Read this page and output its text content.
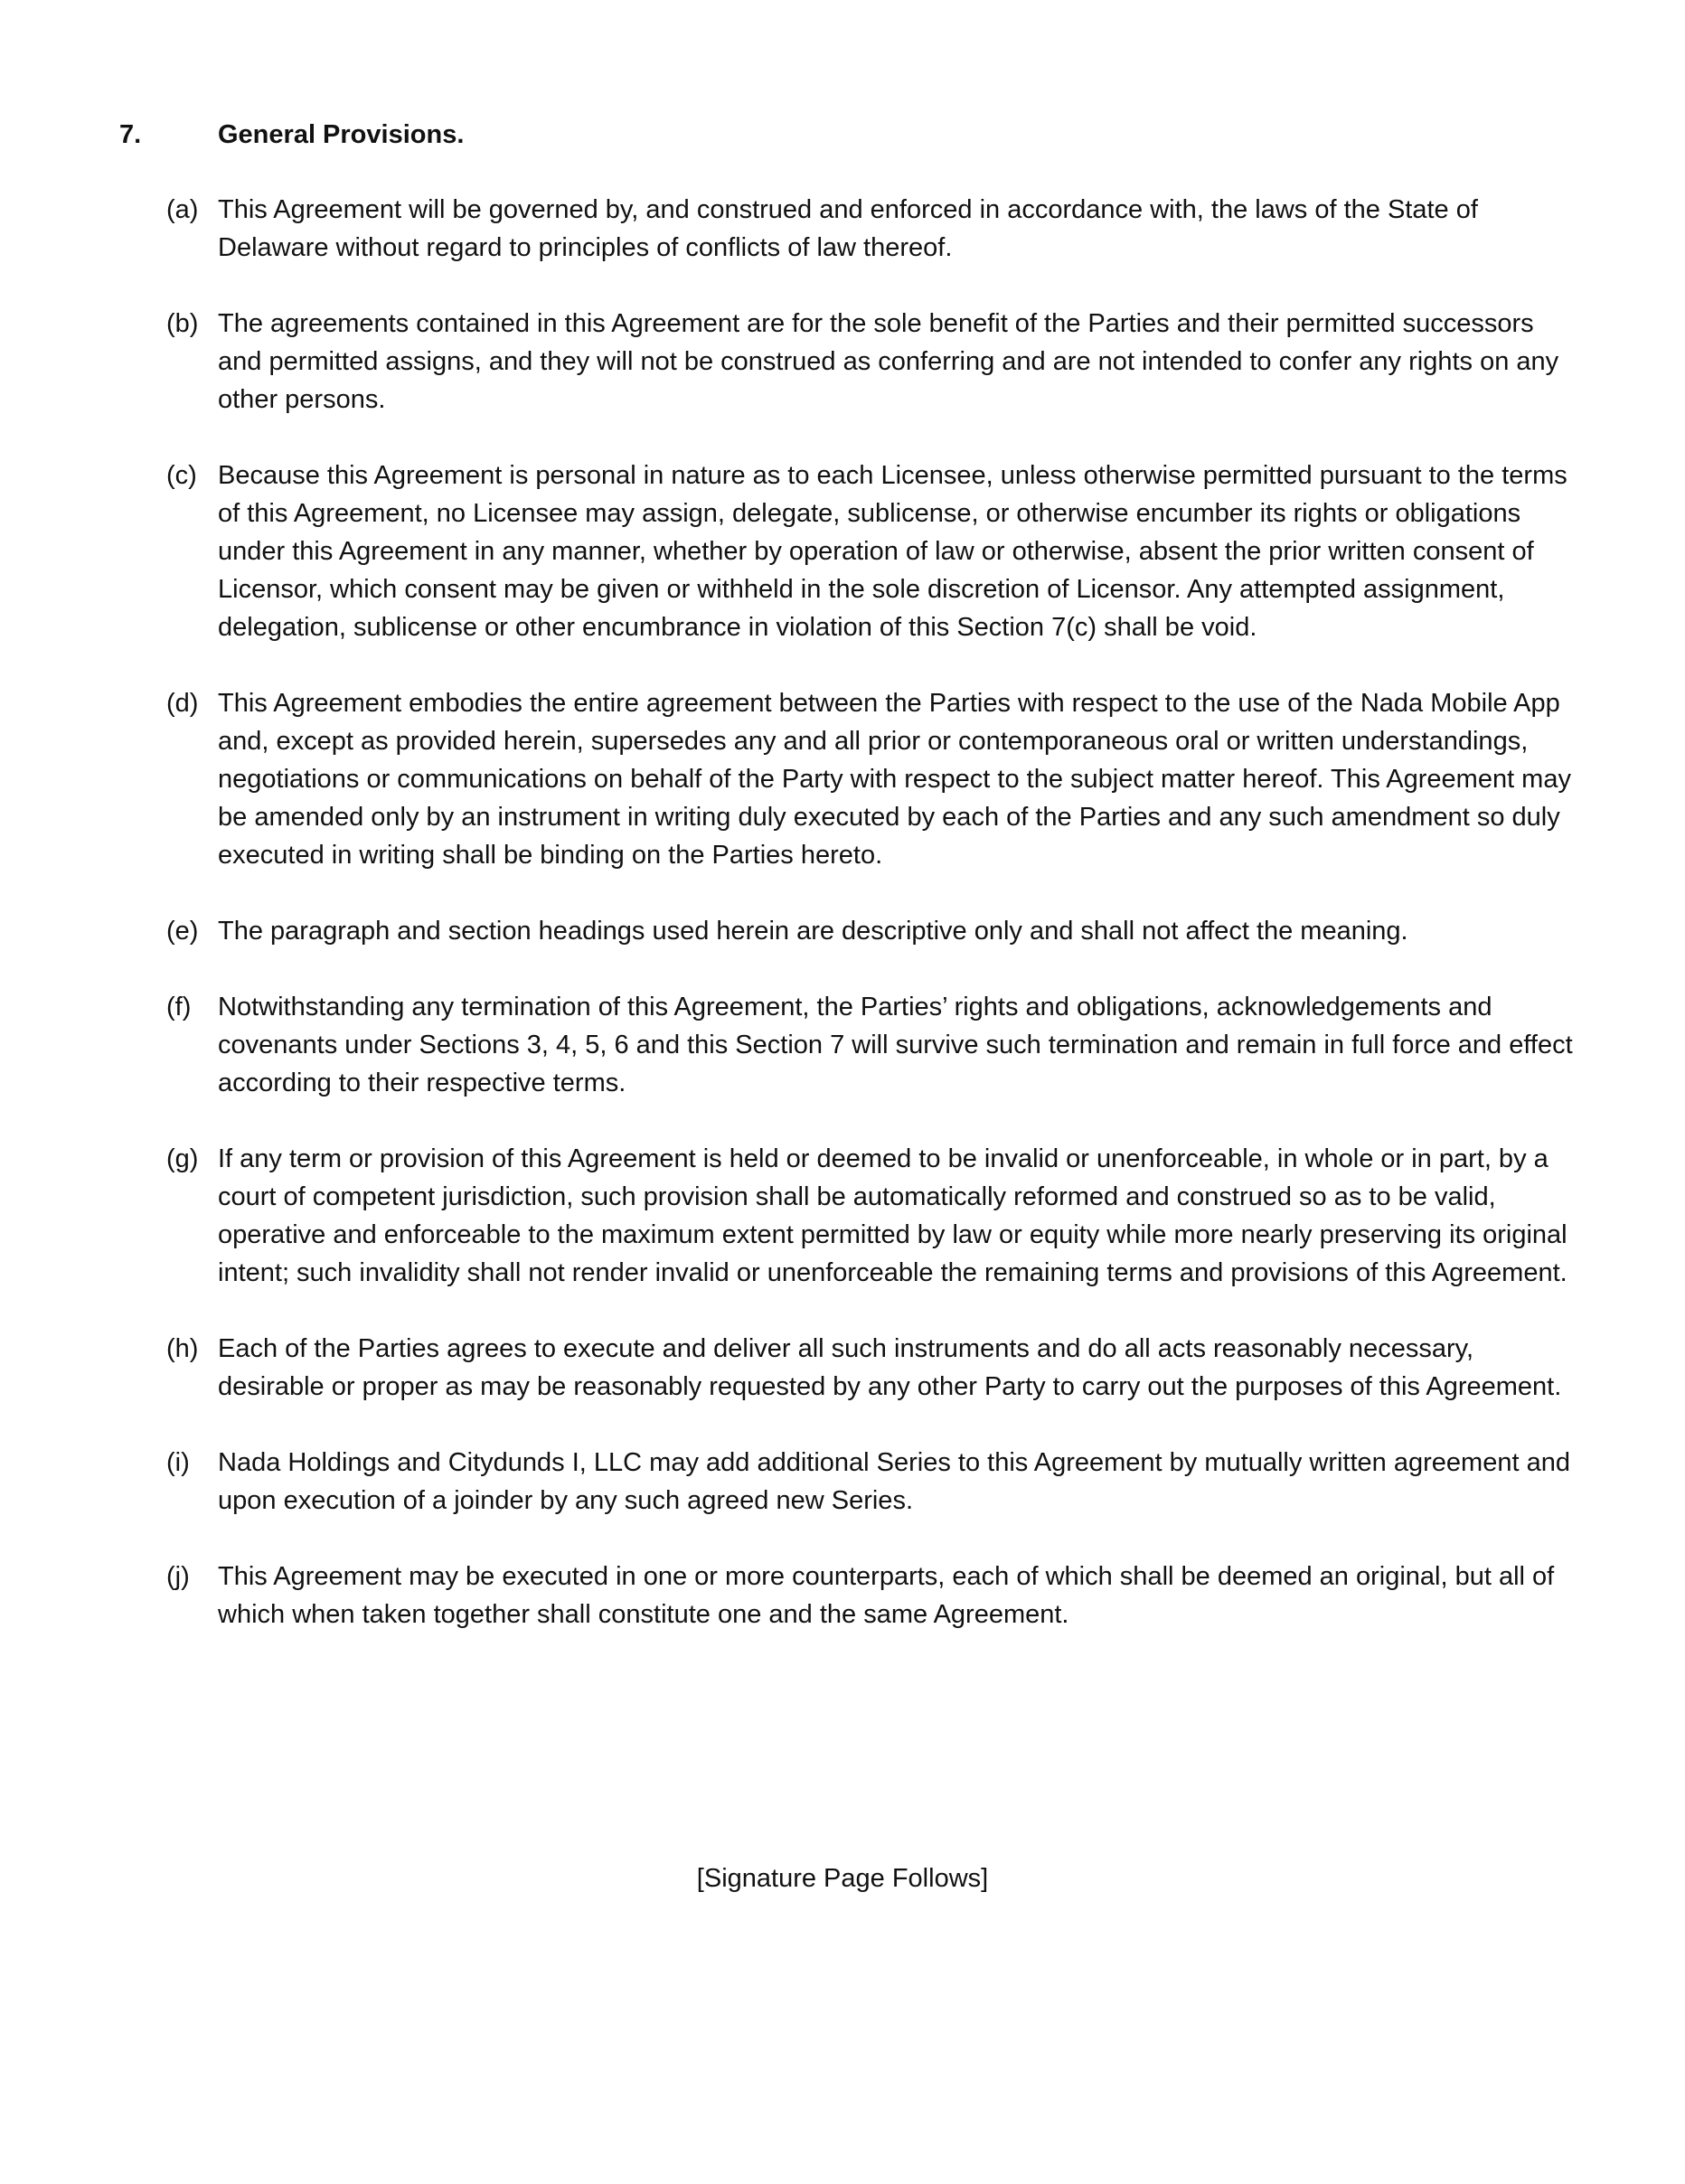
7.	General Provisions.
(a) This Agreement will be governed by, and construed and enforced in accordance with, the laws of the State of Delaware without regard to principles of conflicts of law thereof.
(b) The agreements contained in this Agreement are for the sole benefit of the Parties and their permitted successors and permitted assigns, and they will not be construed as conferring and are not intended to confer any rights on any other persons.
(c) Because this Agreement is personal in nature as to each Licensee, unless otherwise permitted pursuant to the terms of this Agreement, no Licensee may assign, delegate, sublicense, or otherwise encumber its rights or obligations under this Agreement in any manner, whether by operation of law or otherwise, absent the prior written consent of Licensor, which consent may be given or withheld in the sole discretion of Licensor. Any attempted assignment, delegation, sublicense or other encumbrance in violation of this Section 7(c) shall be void.
(d) This Agreement embodies the entire agreement between the Parties with respect to the use of the Nada Mobile App and, except as provided herein, supersedes any and all prior or contemporaneous oral or written understandings, negotiations or communications on behalf of the Party with respect to the subject matter hereof. This Agreement may be amended only by an instrument in writing duly executed by each of the Parties and any such amendment so duly executed in writing shall be binding on the Parties hereto.
(e) The paragraph and section headings used herein are descriptive only and shall not affect the meaning.
(f)	Notwithstanding any termination of this Agreement, the Parties’ rights and obligations, acknowledgements and covenants under Sections 3, 4, 5, 6 and this Section 7 will survive such termination and remain in full force and effect according to their respective terms.
(g) If any term or provision of this Agreement is held or deemed to be invalid or unenforceable, in whole or in part, by a court of competent jurisdiction, such provision shall be automatically reformed and construed so as to be valid, operative and enforceable to the maximum extent permitted by law or equity while more nearly preserving its original intent; such invalidity shall not render invalid or unenforceable the remaining terms and provisions of this Agreement.
(h) Each of the Parties agrees to execute and deliver all such instruments and do all acts reasonably necessary, desirable or proper as may be reasonably requested by any other Party to carry out the purposes of this Agreement.
(i)	Nada Holdings and Citydunds I, LLC may add additional Series to this Agreement by mutually written agreement and upon execution of a joinder by any such agreed new Series.
(j)	This Agreement may be executed in one or more counterparts, each of which shall be deemed an original, but all of which when taken together shall constitute one and the same Agreement.
[Signature Page Follows]
